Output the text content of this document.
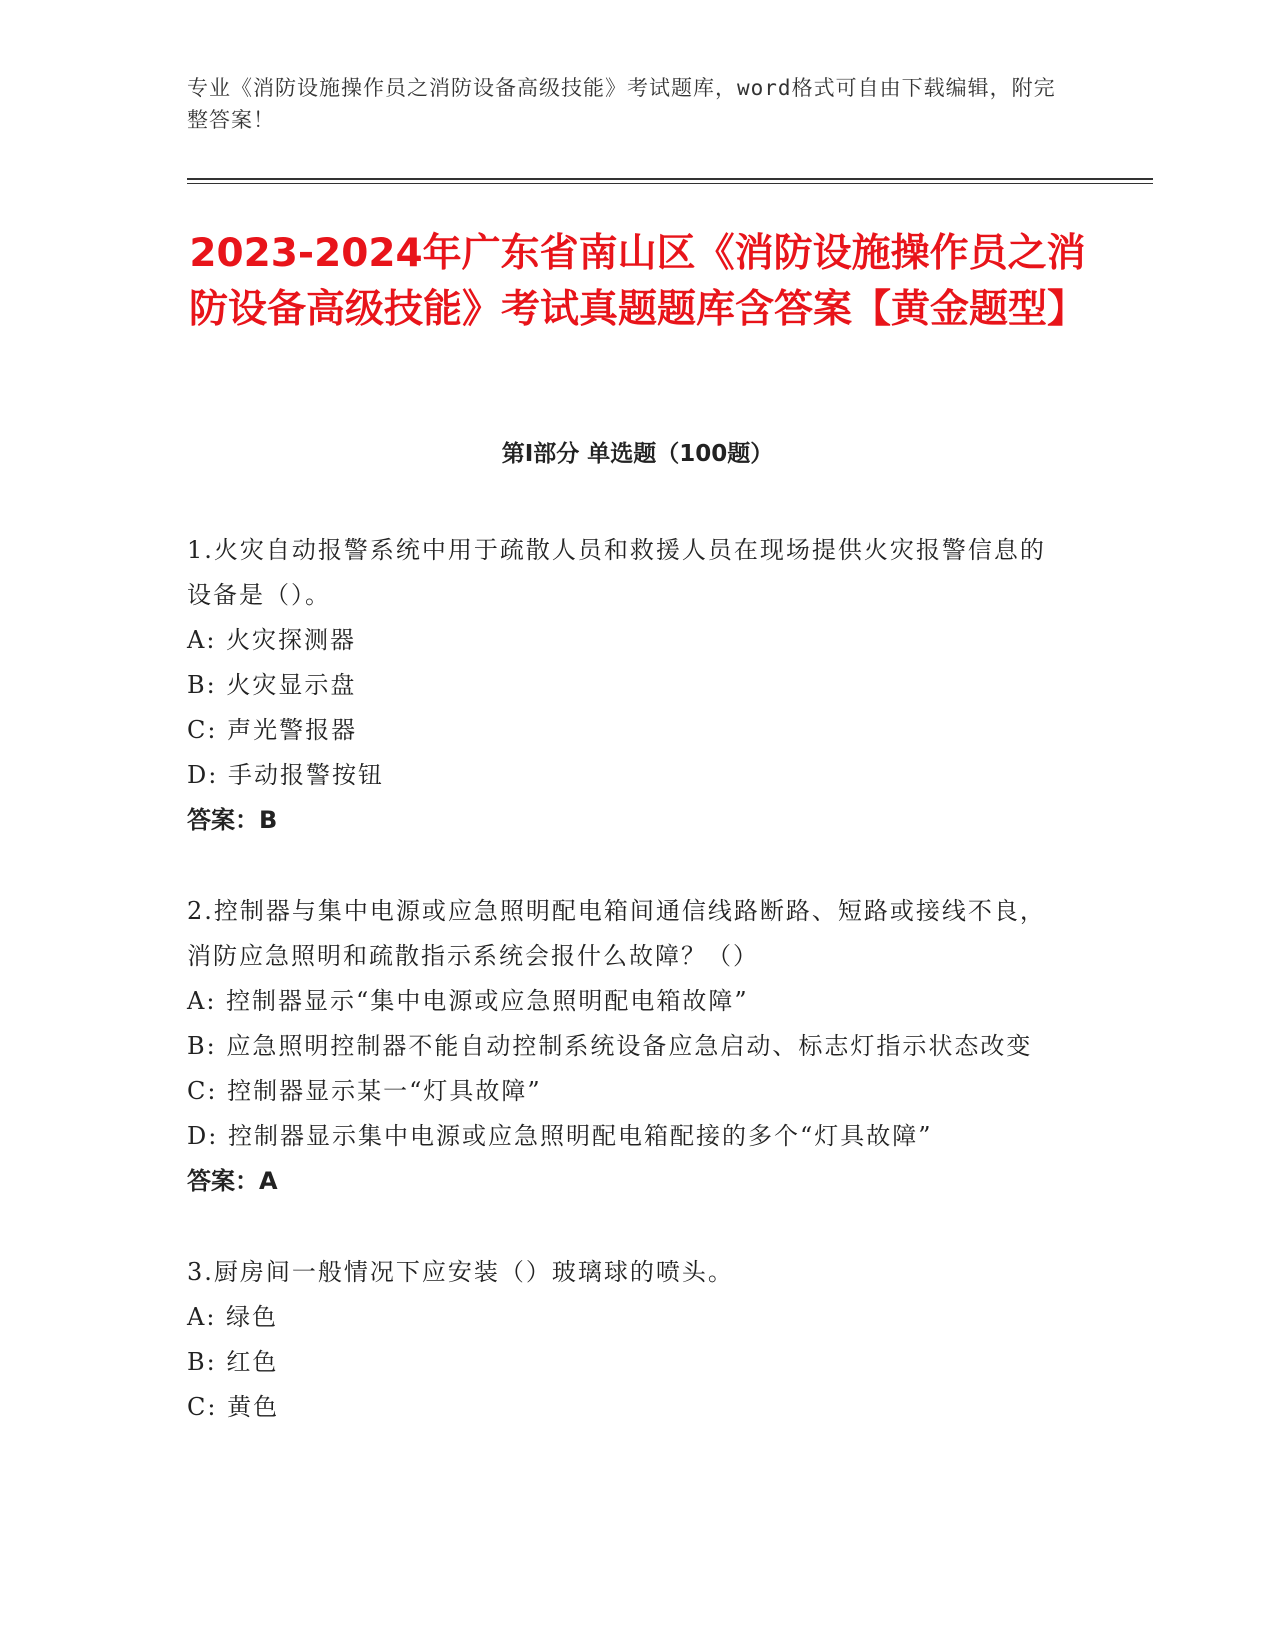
专业《消防设施操作员之消防设备高级技能》考试题库，word格式可自由下载编辑，附完整答案！
2023-2024年广东省南山区《消防设施操作员之消防设备高级技能》考试真题题库含答案【黄金题型】
第I部分 单选题（100题）
1.火灾自动报警系统中用于疏散人员和救援人员在现场提供火灾报警信息的设备是（）。
A: 火灾探测器
B: 火灾显示盘
C: 声光警报器
D: 手动报警按钮
答案：B
2.控制器与集中电源或应急照明配电箱间通信线路断路、短路或接线不良，消防应急照明和疏散指示系统会报什么故障？（）
A: 控制器显示“集中电源或应急照明配电箱故障”
B: 应急照明控制器不能自动控制系统设备应急启动、标志灯指示状态改变
C: 控制器显示某一“灯具故障”
D: 控制器显示集中电源或应急照明配电箱配接的多个“灯具故障”
答案：A
3.厨房间一般情况下应安装（）玻璃球的喷头。
A: 绿色
B: 红色
C: 黄色
